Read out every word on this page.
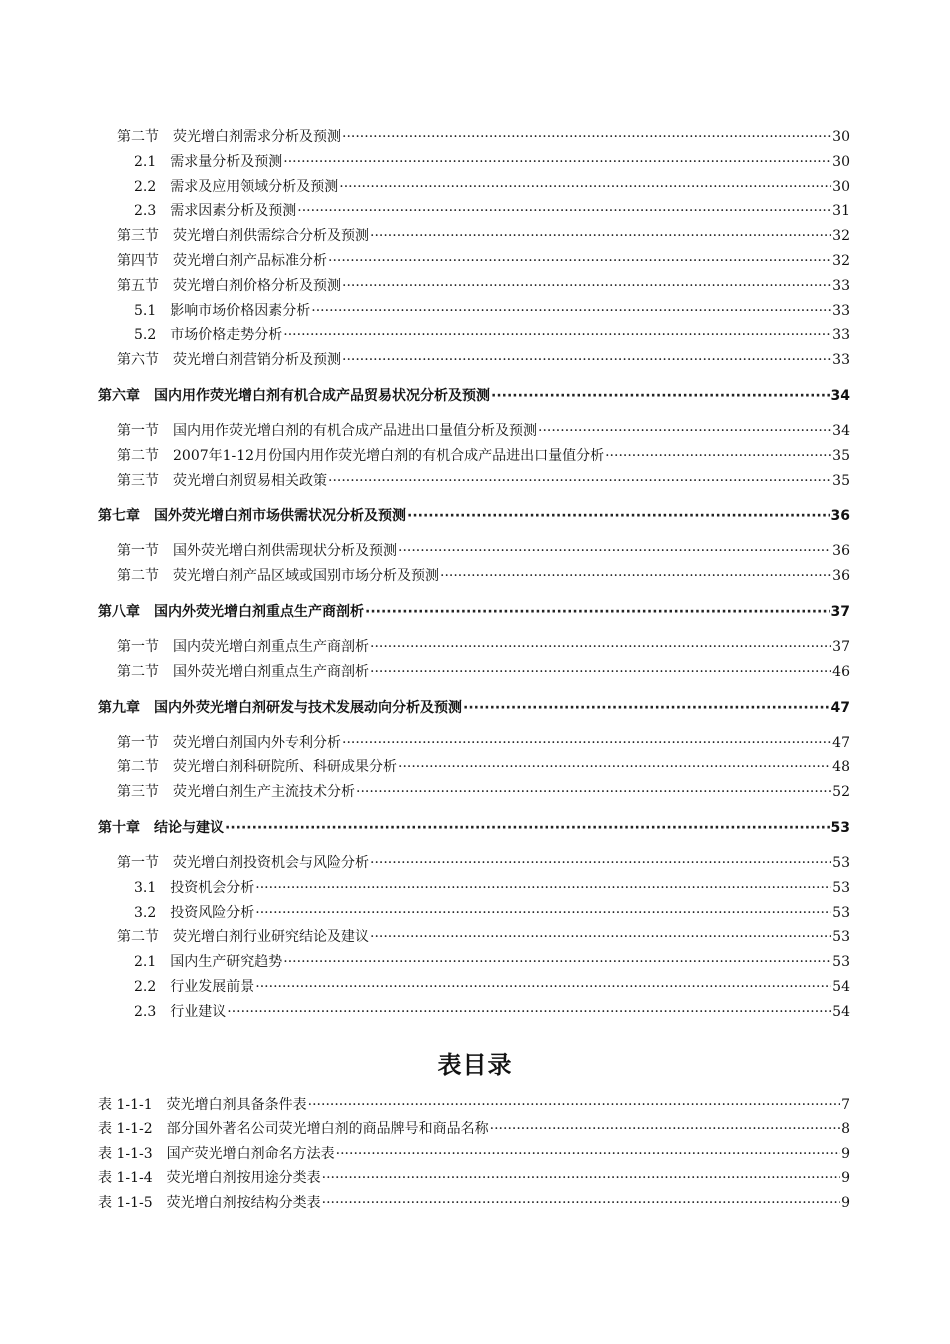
第二节　 荧光增白剂需求分析及预测 ·····	30
2.1   需求量分析及预测 ·····	30
2.2   需求及应用领域分析及预测 ·····	30
2.3   需求因素分析及预测 ·····	31
第三节　 荧光增白剂供需综合分析及预测 ·····	32
第四节　 荧光增白剂产品标准分析 ·····	32
第五节　 荧光增白剂价格分析及预测 ·····	33
5.1   影响市场价格因素分析 ·····	33
5.2   市场价格走势分析 ·····	33
第六节　 荧光增白剂营销分析及预测 ·····	33
第六章　 国内用作荧光增白剂有机合成产品贸易状况分析及预测 ·····	34
第一节　 国内用作荧光增白剂的有机合成产品进出口量值分析及预测 ·····	34
第二节　 2007年1-12月份国内用作荧光增白剂的有机合成产品进出口量值分析 ·····	35
第三节　 荧光增白剂贸易相关政策 ·····	35
第七章　 国外荧光增白剂市场供需状况分析及预测 ·····	36
第一节　 国外荧光增白剂供需现状分析及预测 ·····	36
第二节　 荧光增白剂产品区域或国别市场分析及预测 ·····	36
第八章　 国内外荧光增白剂重点生产商剖析 ·····	37
第一节　 国内荧光增白剂重点生产商剖析 ·····	37
第二节　 国外荧光增白剂重点生产商剖析 ·····	46
第九章　 国内外荧光增白剂研发与技术发展动向分析及预测 ·····	47
第一节　 荧光增白剂国内外专利分析 ·····	47
第二节　 荧光增白剂科研院所、科研成果分析 ·····	48
第三节　 荧光增白剂生产主流技术分析 ·····	52
第十章　 结论与建议 ·····	53
第一节　 荧光增白剂投资机会与风险分析 ·····	53
3.1   投资机会分析 ·····	53
3.2   投资风险分析 ·····	53
第二节　 荧光增白剂行业研究结论及建议 ·····	53
2.1   国内生产研究趋势 ·····	53
2.2   行业发展前景 ·····	54
2.3   行业建议 ·····	54
表目录
表 1-1-1   荧光增白剂具备条件表 ·····	7
表 1-1-2   部分国外著名公司荧光增白剂的商品牌号和商品名称 ·····	8
表 1-1-3   国产荧光增白剂命名方法表 ·····	9
表 1-1-4   荧光增白剂按用途分类表 ·····	9
表 1-1-5   荧光增白剂按结构分类表 ·····	9
